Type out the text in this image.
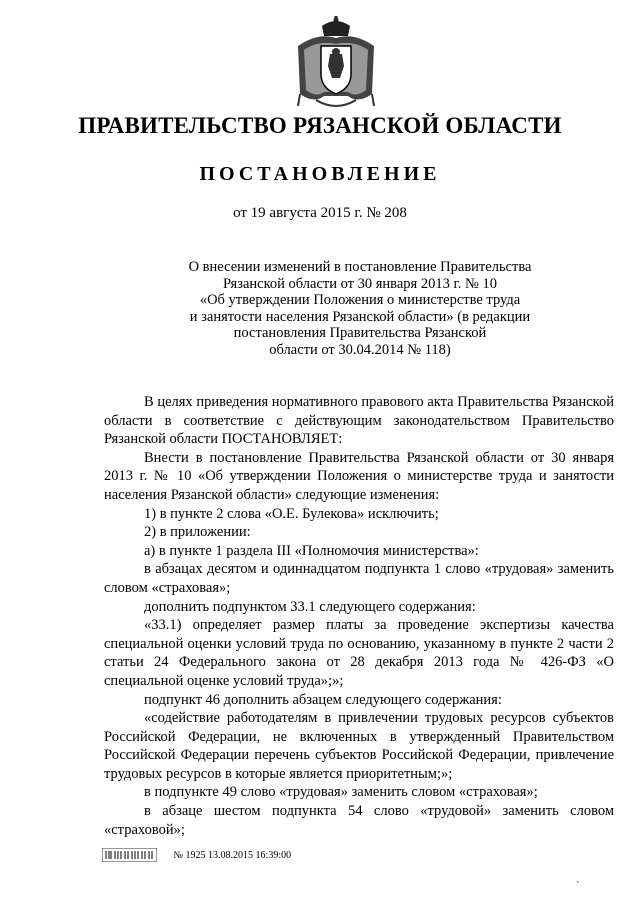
ПРАВИТЕЛЬСТВО РЯЗАНСКОЙ ОБЛАСТИ
ПОСТАНОВЛЕНИЕ
от 19 августа 2015 г. № 208
О внесении изменений в постановление Правительства
Рязанской области от 30 января 2013 г. № 10
«Об утверждении Положения о министерстве труда
и занятости населения Рязанской области» (в редакции
постановления Правительства Рязанской
области от 30.04.2014 № 118)

В целях приведения нормативного правового акта Правительства Рязанской области в соответствие с действующим законодательством Правительство Рязанской области ПОСТАНОВЛЯЕТ:

Внести в постановление Правительства Рязанской области от 30 января 2013 г. № 10 «Об утверждении Положения о министерстве труда и занятости населения Рязанской области» следующие изменения:

1) в пункте 2 слова «О.Е. Булекова» исключить;

2) в приложении:

а) в пункте 1 раздела III «Полномочия министерства»:

в абзацах десятом и одиннадцатом подпункта 1 слово «трудовая» заменить словом «страховая»;

дополнить подпунктом 33.1 следующего содержания:

«33.1) определяет размер платы за проведение экспертизы качества специальной оценки условий труда по основанию, указанному в пункте 2 части 2 статьи 24 Федерального закона от 28 декабря 2013 года № 426-ФЗ «О специальной оценке условий труда»;»;

подпункт 46 дополнить абзацем следующего содержания:

«содействие работодателям в привлечении трудовых ресурсов субъектов Российской Федерации, не включенных в утвержденный Правительством Российской Федерации перечень субъектов Российской Федерации, привлечение трудовых ресурсов в которые является приоритетным;»;

в подпункте 49 слово «трудовая» заменить словом «страховая»;

в абзаце шестом подпункта 54 слово «трудовой» заменить словом «страховой»;

№ 1925 13.08.2015 16:39:00
˺
